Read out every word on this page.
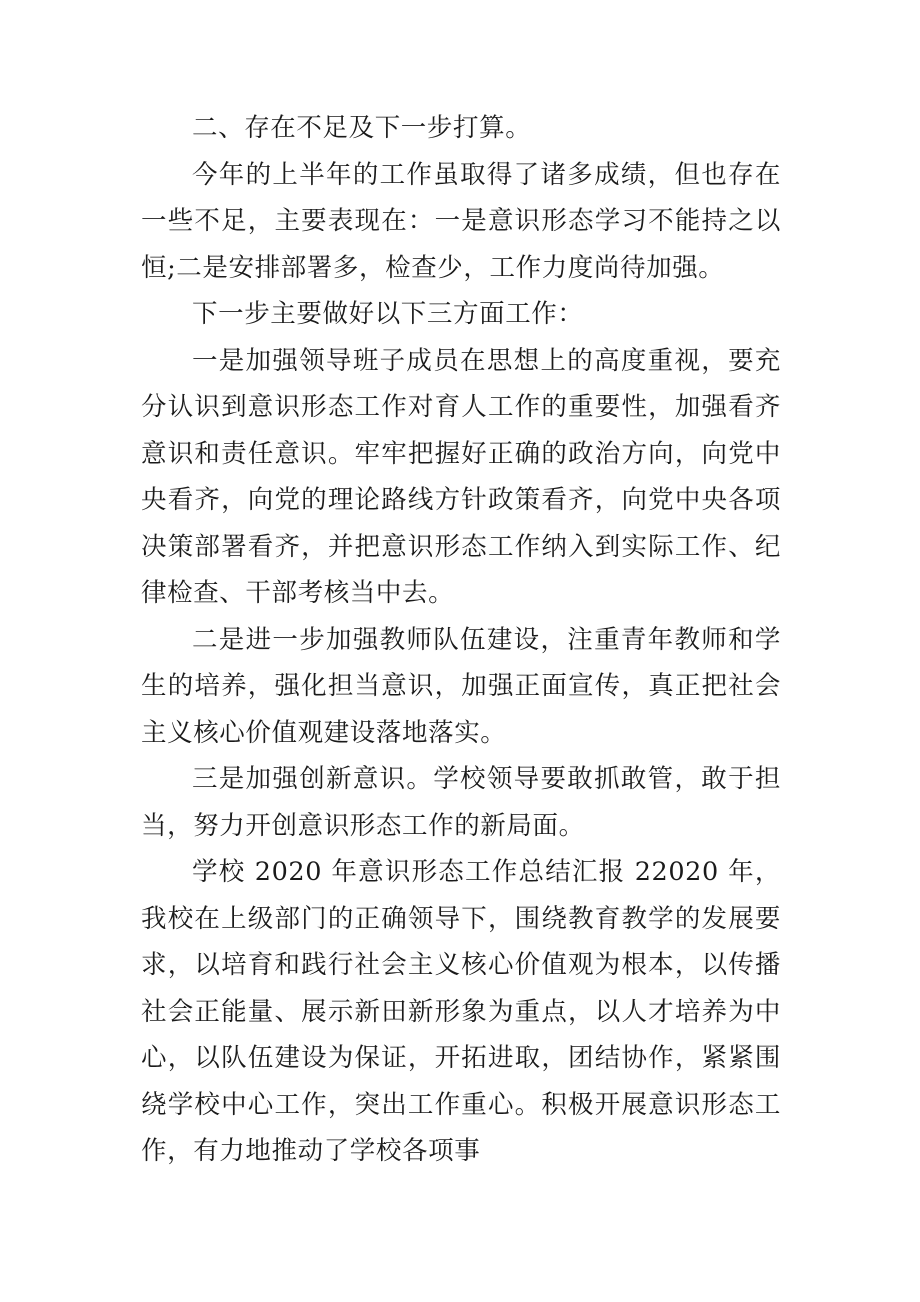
二、存在不足及下一步打算。

今年的上半年的工作虽取得了诸多成绩，但也存在一些不足，主要表现在：一是意识形态学习不能持之以恒;二是安排部署多，检查少，工作力度尚待加强。

下一步主要做好以下三方面工作：

一是加强领导班子成员在思想上的高度重视，要充分认识到意识形态工作对育人工作的重要性，加强看齐意识和责任意识。牢牢把握好正确的政治方向，向党中央看齐，向党的理论路线方针政策看齐，向党中央各项决策部署看齐，并把意识形态工作纳入到实际工作、纪律检查、干部考核当中去。

二是进一步加强教师队伍建设，注重青年教师和学生的培养，强化担当意识，加强正面宣传，真正把社会主义核心价值观建设落地落实。

三是加强创新意识。学校领导要敢抓敢管，敢于担当，努力开创意识形态工作的新局面。

学校 2020 年意识形态工作总结汇报 22020 年，我校在上级部门的正确领导下，围绕教育教学的发展要求，以培育和践行社会主义核心价值观为根本，以传播社会正能量、展示新田新形象为重点，以人才培养为中心，以队伍建设为保证，开拓进取，团结协作，紧紧围绕学校中心工作，突出工作重心。积极开展意识形态工作，有力地推动了学校各项事
